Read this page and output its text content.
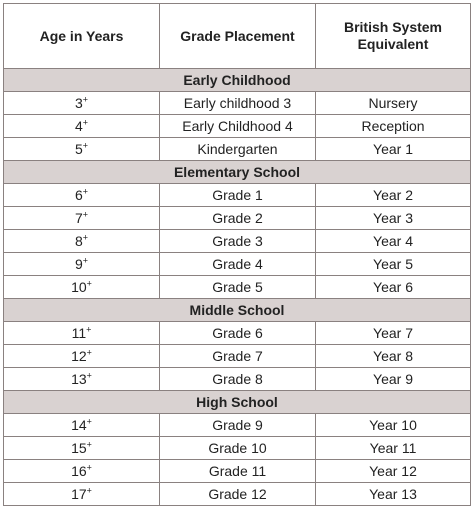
Age in Years	Grade Placement	British System Equivalent
Early Childhood		
3+	Early childhood 3	Nursery
4+	Early Childhood 4	Reception
5+	Kindergarten	Year 1
Elementary School		
6+	Grade 1	Year 2
7+	Grade 2	Year 3
8+	Grade 3	Year 4
9+	Grade 4	Year 5
10+	Grade 5	Year 6
Middle School		
11+	Grade 6	Year 7
12+	Grade 7	Year 8
13+	Grade 8	Year 9
High School		
14+	Grade 9	Year 10
15+	Grade 10	Year 11
16+	Grade 11	Year 12
17+	Grade 12	Year 13
